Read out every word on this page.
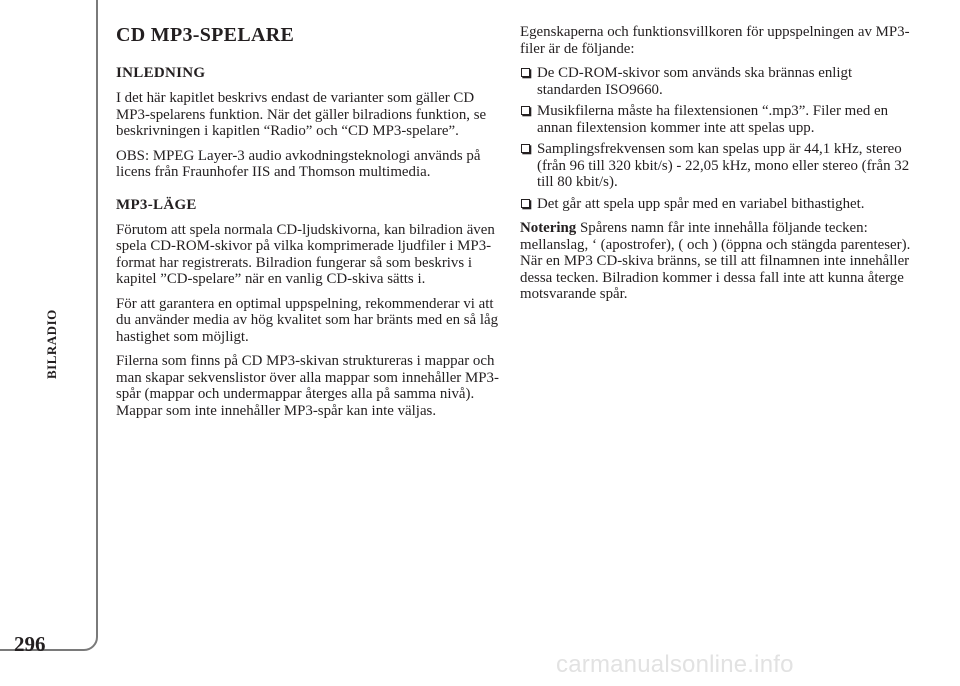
BILRADIO
296
CD MP3-SPELARE
INLEDNING

I det här kapitlet beskrivs endast de varianter som gäller CD MP3-spelarens funktion. När det gäller bilradions funktion, se beskrivningen i kapitlen “Radio” och “CD MP3-spelare”.

OBS: MPEG Layer-3 audio avkodningsteknologi används på licens från Fraunhofer IIS and Thomson multimedia.

MP3-LÄGE

Förutom att spela normala CD-ljudskivorna, kan bilradion även spela CD-ROM-skivor på vilka komprimerade ljudfiler i MP3-format har registrerats. Bilradion fungerar så som beskrivs i kapitel ”CD-spelare” när en vanlig CD-skiva sätts i.

För att garantera en optimal uppspelning, rekommenderar vi att du använder media av hög kvalitet som har bränts med en så låg hastighet som möjligt.

Filerna som finns på CD MP3-skivan struktureras i mappar och man skapar sekvenslistor över alla mappar som innehåller MP3-spår (mappar och undermappar återges alla på samma nivå). Mappar som inte innehåller MP3-spår kan inte väljas.

Egenskaperna och funktionsvillkoren för uppspelningen av MP3-filer är de följande:

De CD-ROM-skivor som används ska brännas enligt standarden ISO9660.
Musikfilerna måste ha filextensionen “.mp3”. Filer med en annan filextension kommer inte att spelas upp.
Samplingsfrekvensen som kan spelas upp är 44,1 kHz, stereo (från 96 till 320 kbit/s) - 22,05 kHz, mono eller stereo (från 32 till 80 kbit/s).
Det går att spela upp spår med en variabel bithastighet.

Notering Spårens namn får inte innehålla följande tecken: mellanslag, ‘ (apostrofer), ( och ) (öppna och stängda parenteser). När en MP3 CD-skiva bränns, se till att filnamnen inte innehåller dessa tecken. Bilradion kommer i dessa fall inte att kunna återge motsvarande spår.

carmanualsonline.info
